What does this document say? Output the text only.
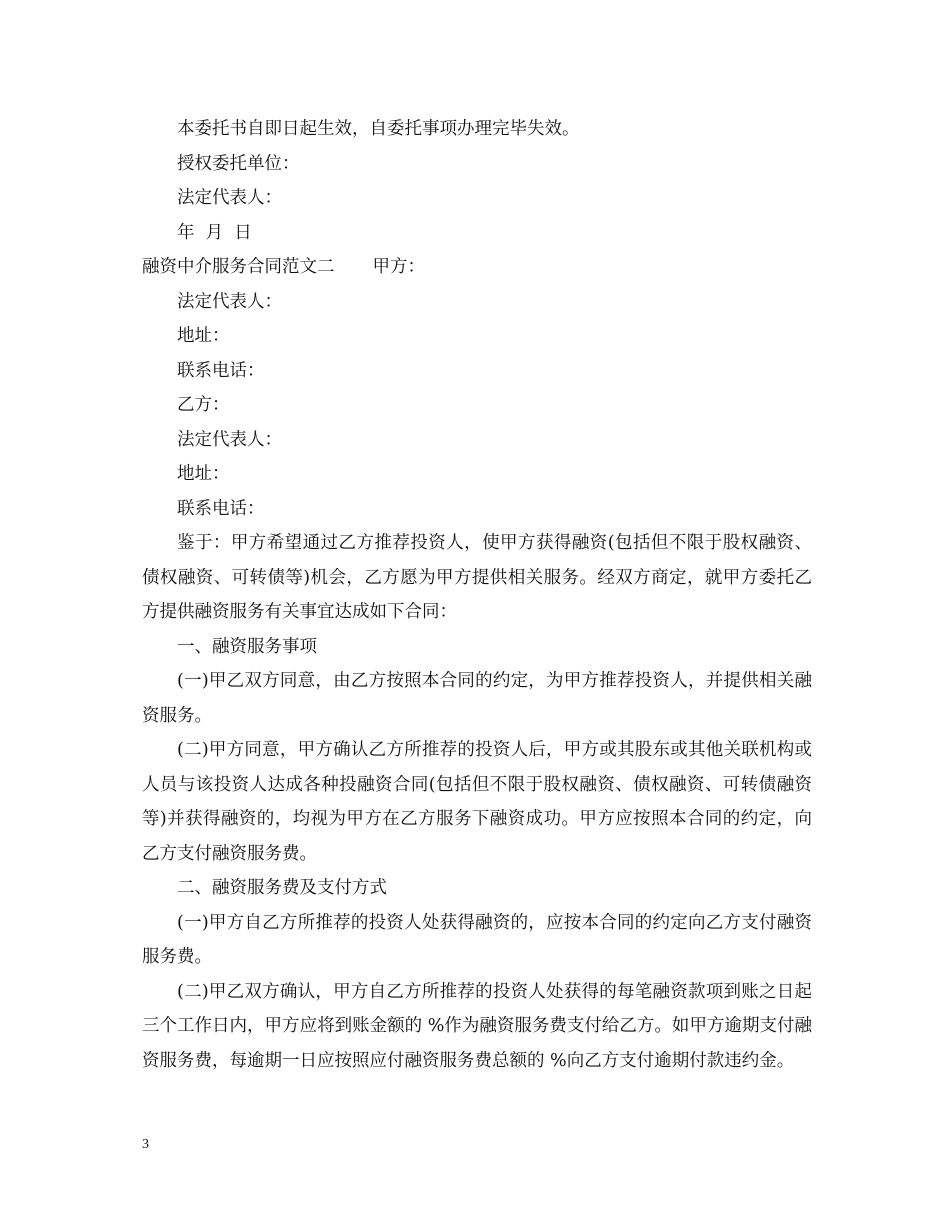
本委托书自即日起生效，自委托事项办理完毕失效。

授权委托单位：

法定代表人：

年  月  日

融资中介服务合同范文二 甲方：

法定代表人：

地址：

联系电话：

乙方：

法定代表人：

地址：

联系电话：

鉴于：甲方希望通过乙方推荐投资人，使甲方获得融资(包括但不限于股权融资、债权融资、可转债等)机会，乙方愿为甲方提供相关服务。经双方商定，就甲方委托乙方提供融资服务有关事宜达成如下合同：

一、融资服务事项

(一)甲乙双方同意，由乙方按照本合同的约定，为甲方推荐投资人，并提供相关融资服务。

(二)甲方同意，甲方确认乙方所推荐的投资人后，甲方或其股东或其他关联机构或人员与该投资人达成各种投融资合同(包括但不限于股权融资、债权融资、可转债融资等)并获得融资的，均视为甲方在乙方服务下融资成功。甲方应按照本合同的约定，向乙方支付融资服务费。

二、融资服务费及支付方式

(一)甲方自乙方所推荐的投资人处获得融资的，应按本合同的约定向乙方支付融资服务费。

(二)甲乙双方确认，甲方自乙方所推荐的投资人处获得的每笔融资款项到账之日起三个工作日内，甲方应将到账金额的 %作为融资服务费支付给乙方。如甲方逾期支付融资服务费，每逾期一日应按照应付融资服务费总额的 %向乙方支付逾期付款违约金。

3
